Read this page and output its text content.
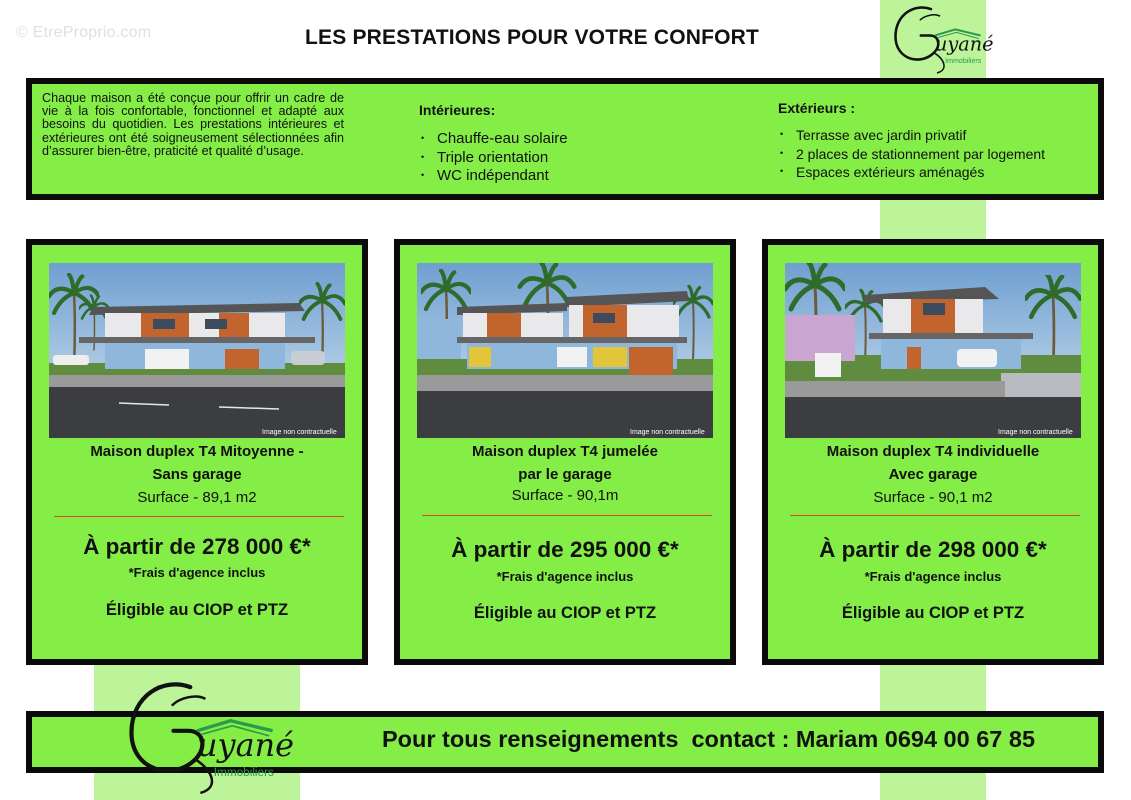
© EtreProprio.com	LES PRESTATIONS POUR VOTRE CONFORT	uyané
Immobiliers

Chaque maison a été conçue pour offrir un cadre de vie à la fois confortable, fonctionnel et adapté aux besoins du quotidien. Les prestations intérieures et extérieures ont été soigneusement sélectionnées afin d’assurer bien-être, praticité et qualité d’usage.

Intérieures:
• Chauffe-eau solaire
• Triple orientation
• WC indépendant
Extérieurs :
• Terrasse avec jardin privatif
• 2 places de stationnement par logement
• Espaces extérieurs aménagés
Image non contractuelle
Maison duplex T4 Mitoyenne -
Sans garage
Surface - 89,1 m2
À partir de 278 000 €*
*Frais d'agence inclus
Éligible au CIOP et PTZ
Image non contractuelle
Maison duplex T4 jumelée
par le garage
Surface - 90,1m
À partir de 295 000 €*
*Frais d'agence inclus
Éligible au CIOP et PTZ
Image non contractuelle
Maison duplex T4 individuelle
Avec garage
Surface - 90,1 m2
À partir de 298 000 €*
*Frais d'agence inclus
Éligible au CIOP et PTZ
Pour tous renseignements  contact : Mariam 0694 00 67 85
uyané
Immobiliers
